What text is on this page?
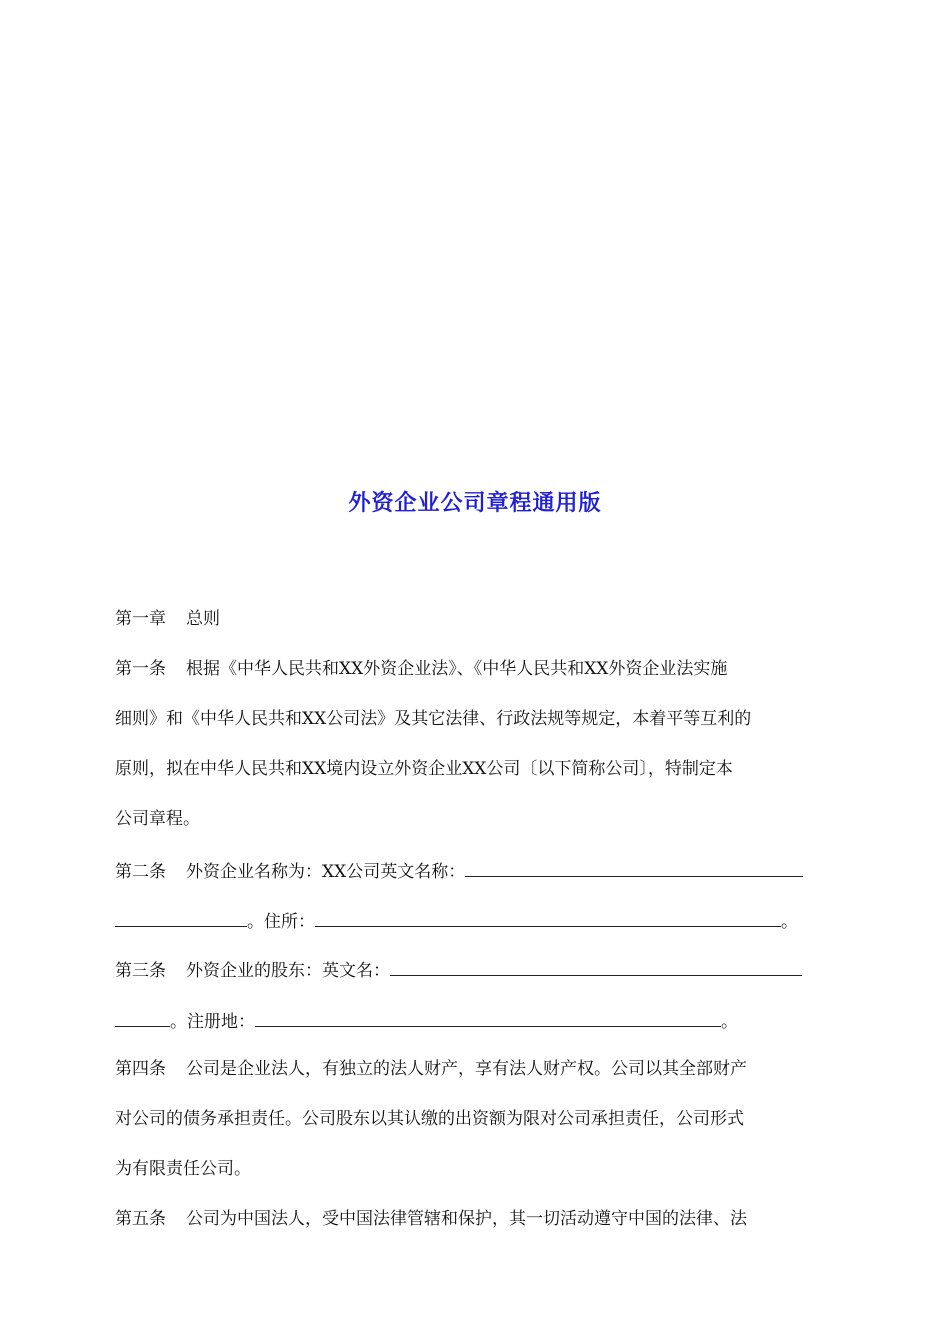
外资企业公司章程通用版
第一章 总则
第一条 根据《中华人民共和XX外资企业法》、《中华人民共和XX外资企业法实施
细则》和《中华人民共和XX公司法》及其它法律、行政法规等规定，本着平等互利的
原则，拟在中华人民共和XX境内设立外资企业XX公司〔以下简称公司〕，特制定本
公司章程。
第二条 外资企业名称为：XX公司英文名称：
。住所：	。
第三条 外资企业的股东：英文名：
。注册地：	。
第四条 公司是企业法人，有独立的法人财产，享有法人财产权。公司以其全部财产
对公司的债务承担责任。公司股东以其认缴的出资额为限对公司承担责任，公司形式
为有限责任公司。
第五条 公司为中国法人，受中国法律管辖和保护，其一切活动遵守中国的法律、法
